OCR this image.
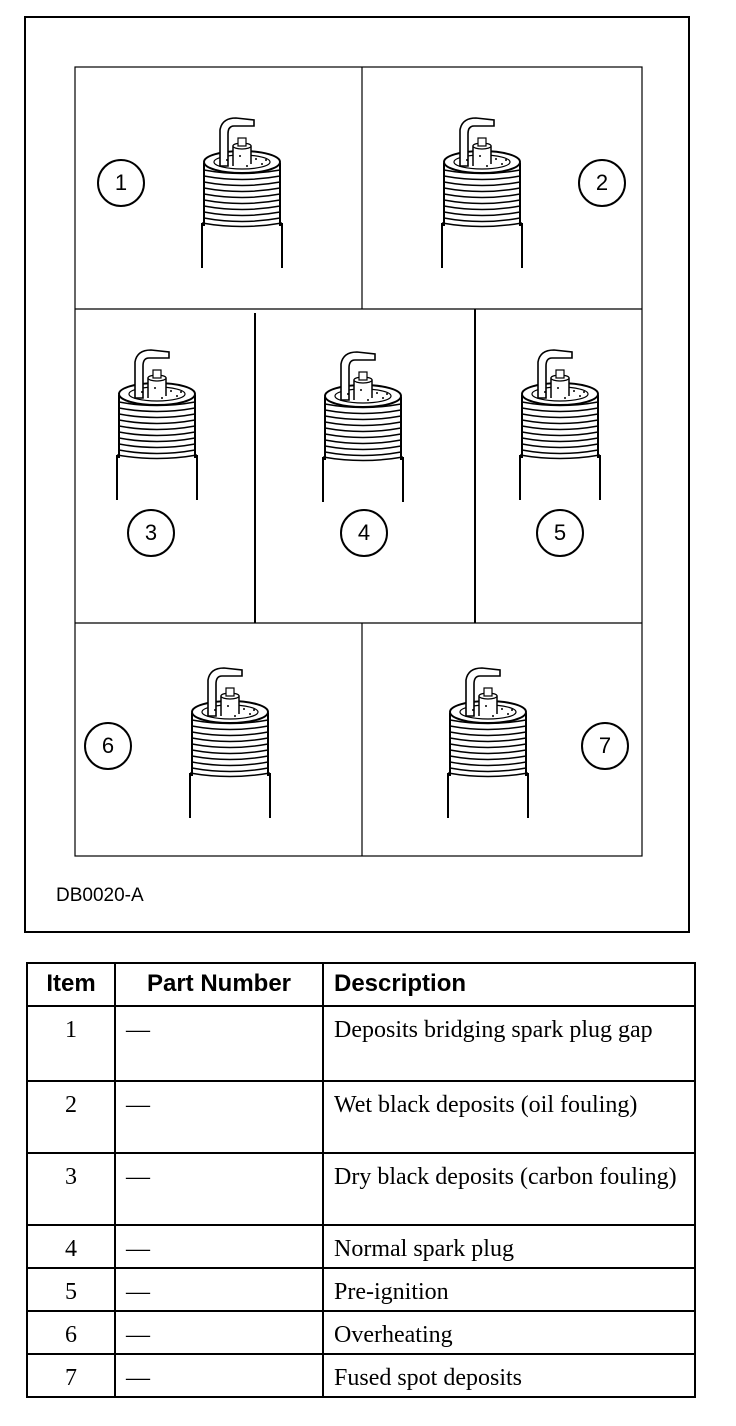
1	2
3	4	5
6	7
DB0020-A
Item	Part Number	Description
1	—	Deposits bridging spark plug gap
2	—	Wet black deposits (oil fouling)
3	—	Dry black deposits (carbon fouling)
4	—	Normal spark plug
5	—	Pre-ignition
6	—	Overheating
7	—	Fused spot deposits
